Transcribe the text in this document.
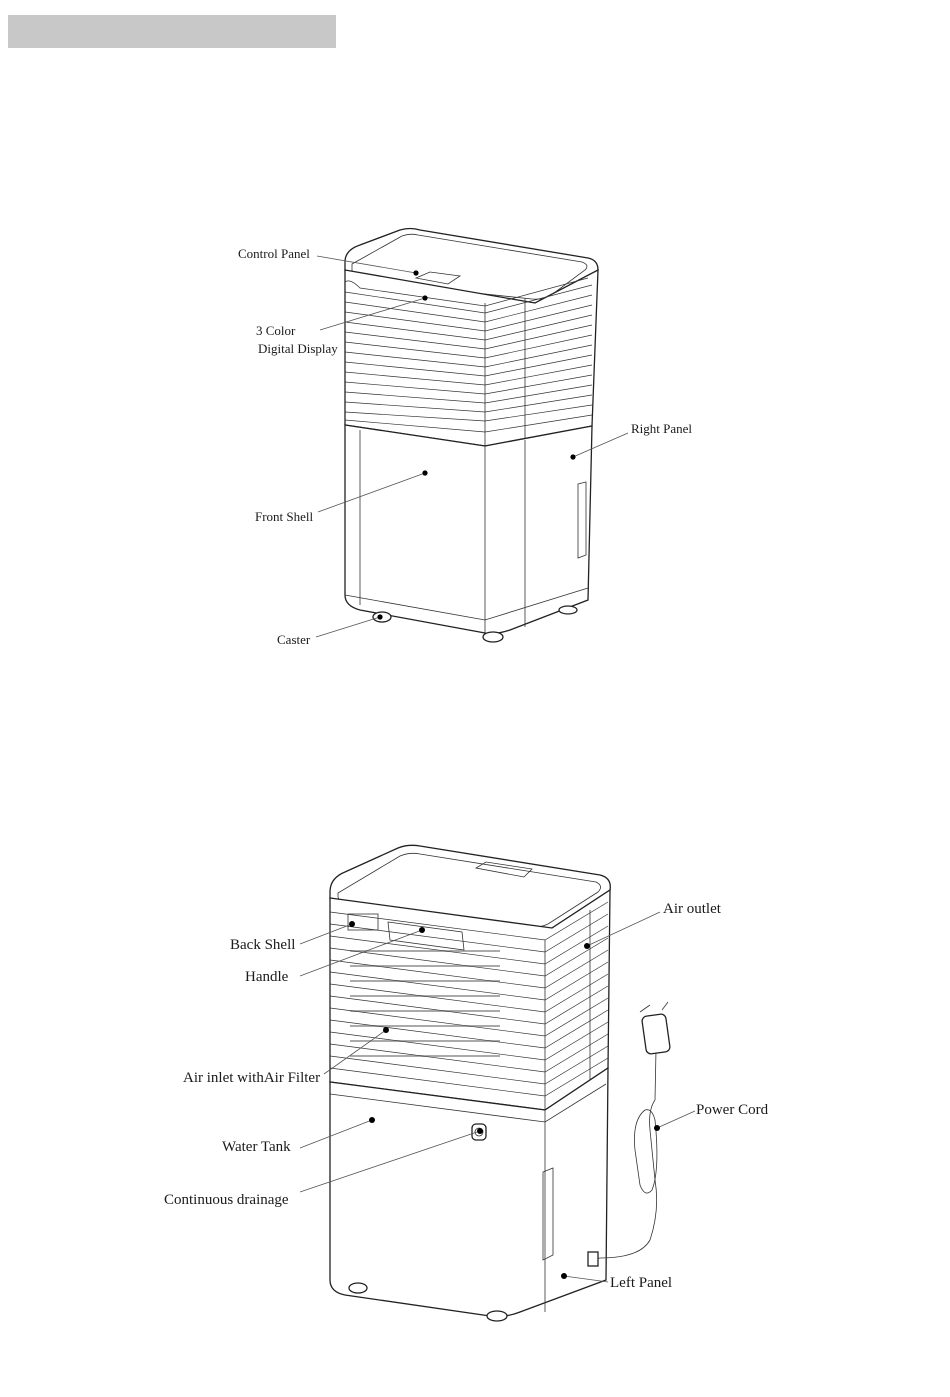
Control Panel
3 Color
Digital Display
Right Panel
Front Shell
Caster
Back Shell
Handle
Air outlet
Air inlet withAir Filter
Power Cord
Water Tank
Continuous drainage
Left Panel
